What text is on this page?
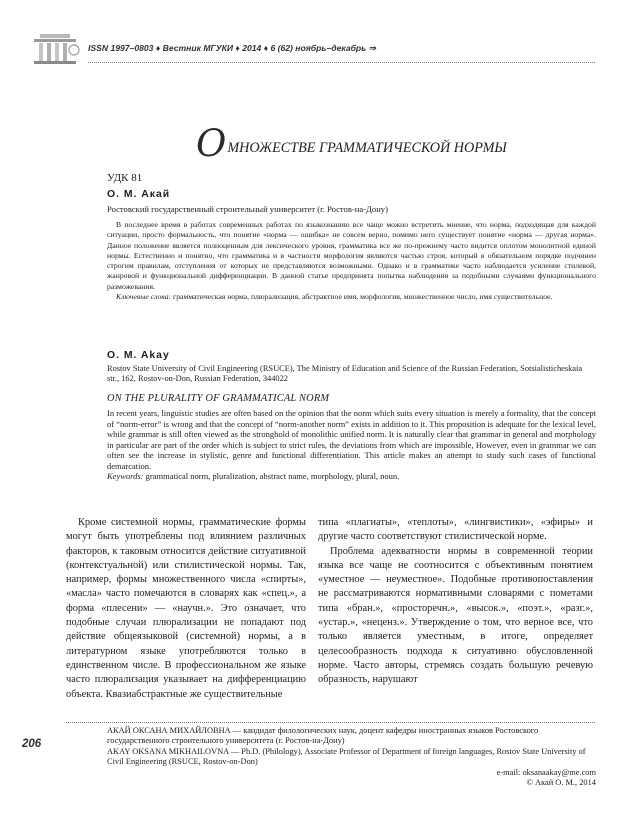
ISSN 1997–0803 ♦ Вестник МГУКИ ♦ 2014 ♦ 6 (62) ноябрь–декабрь ⇒
ОМНОЖЕСТВЕ ГРАММАТИЧЕСКОЙ НОРМЫ
УДК 81
О. М. Акай
Ростовский государственный строительный университет (г. Ростов-на-Дону)

В последнее время в работах современных работах по языкознанию все чаще можно встретить мнение, что норма, подходящая для каждой ситуации, просто формальность, что понятие «норма — ошибка» не совсем верно, помимо него существует понятие «норма — другая норма». Данное положение является полноценным для лексического уровня, грамматика все же по-прежнему часто видится оплотом монолитной единой нормы. Естественно и понятно, что грамматика и в частности морфология являются частью строя, который в обязательном порядке подчинен строгим правилам, отступления от которых не представляются возможными. Однако и в грамматике часто наблюдается усиление стилевой, жанровой и функциональной дифференциации. В данной статье предпринята попытка наблюдения за подобными случаями функционального разможевания.

Ключевые слова: грамматическая норма, плюрализация, абстрактное имя, морфология, множественное число, имя существительное.

O. M. Akay
Rostov State University of Civil Engineering (RSUCE), The Ministry of Education and Science of the Russian Federation, Sotsialisticheskaia str., 162, Rostov-on-Don, Russian Federation, 344022
ON THE PLURALITY OF GRAMMATICAL NORM

In recent years, linguistic studies are often based on the opinion that the norm which suits every situation is merely a formality, that the concept of “norm-error” is wrong and that the concept of “norm-another norm” exists in addition to it. This proposition is adequate for the lexical level, while grammar is still often viewed as the stronghold of monolithic unified norm. It is naturally clear that grammar in general and morphology in particular are part of the order which is subject to strict rules, the deviations from which are impossible, However, even in grammar we can often see the increase in stylistic, genre and functional differentiation. This article makes an attempt to study such cases of functional demarcation.

Keywords: grammatical norm, pluralization, abstract name, morphology, plural, noun.

Кроме системной нормы, грамматические формы могут быть употреблены под влиянием различных факторов, к таковым относится действие ситуативной (контекстуальной) или стилистической нормы. Так, например, формы множественного числа «спирты», «масла» часто помечаются в словарях как «спец.», а форма «плесени» — «научн.». Это означает, что подобные случаи плюрализации не попадают под действие общеязыковой (системной) нормы, а в литературном языке употребляются только в единственном числе. В профессиональном же языке часто плюрализация указывает на дифференциацию объекта. Квазиабстрактные же существительные

типа «плагиаты», «теплоты», «лингвистики», «эфиры» и другие часто соответствуют стилистической норме.

Проблема адекватности нормы в современной теории языка все чаще не соотносится с объективным понятием «уместное — неуместное». Подобные противопоставления не рассматриваются нормативными словарями с пометами типа «бран.», «просторечн.», «высок.», «поэт.», «разг.», «устар.», «неценз.». Утверждение о том, что верное все, что только является уместным, в итоге, определяет целесообразность подхода к ситуативно обусловленной норме. Часто авторы, стремясь создать большую речевую образность, нарушают

206

АКАЙ ОКСАНА МИХАЙЛОВНА — кандидат филологических наук, доцент кафедры иностранных языков Ростовского государственного строительного университета (г. Ростов-на-Дону)

AKAY OKSANA MIKHAILOVNA — Ph.D. (Philology), Associate Professor of Department of foreign languages, Rostov State University of Civil Engineering (RSUCE, Rostov-on-Don)

e-mail: oksanaakay@me.com

© Акай О. М., 2014
